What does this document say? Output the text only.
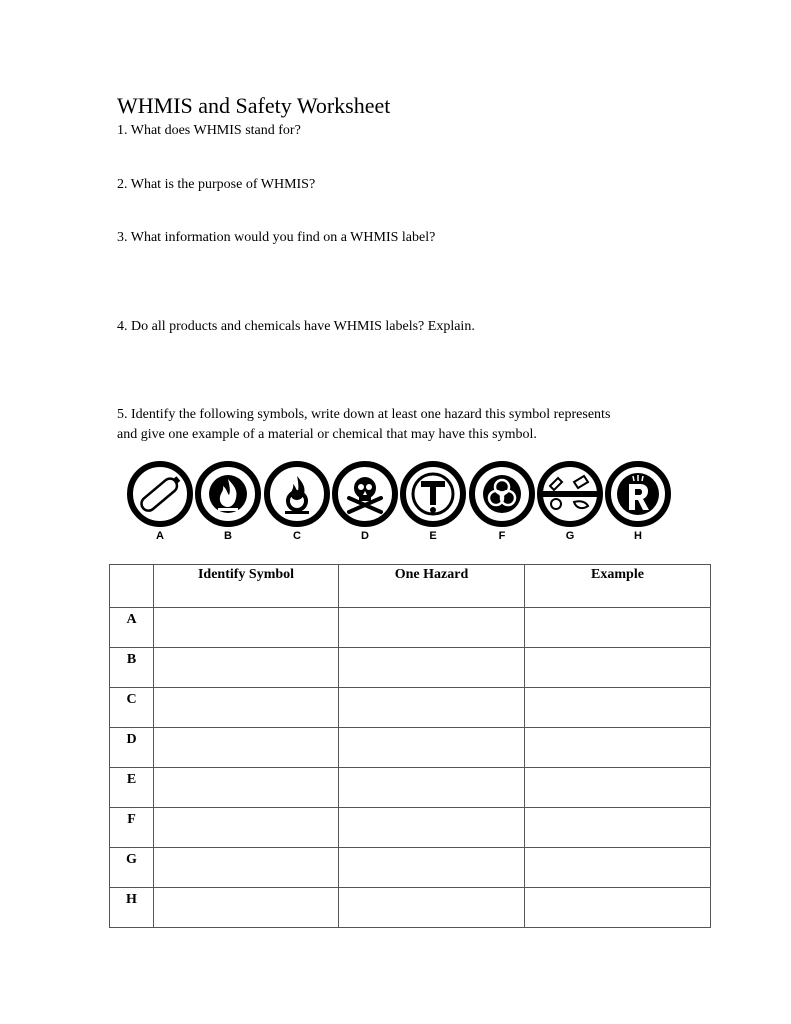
WHMIS and Safety Worksheet
1. What does WHMIS stand for?
2. What is the purpose of WHMIS?
3. What information would you find on a WHMIS label?
4. Do all products and chemicals have WHMIS labels? Explain.
5. Identify the following symbols, write down at least one hazard this symbol represents
and give one example of a material or chemical that may have this symbol.
A	B	C	D	E	F	G	H
	Identify Symbol	One Hazard	Example
A			
B			
C			
D			
E			
F			
G			
H			
